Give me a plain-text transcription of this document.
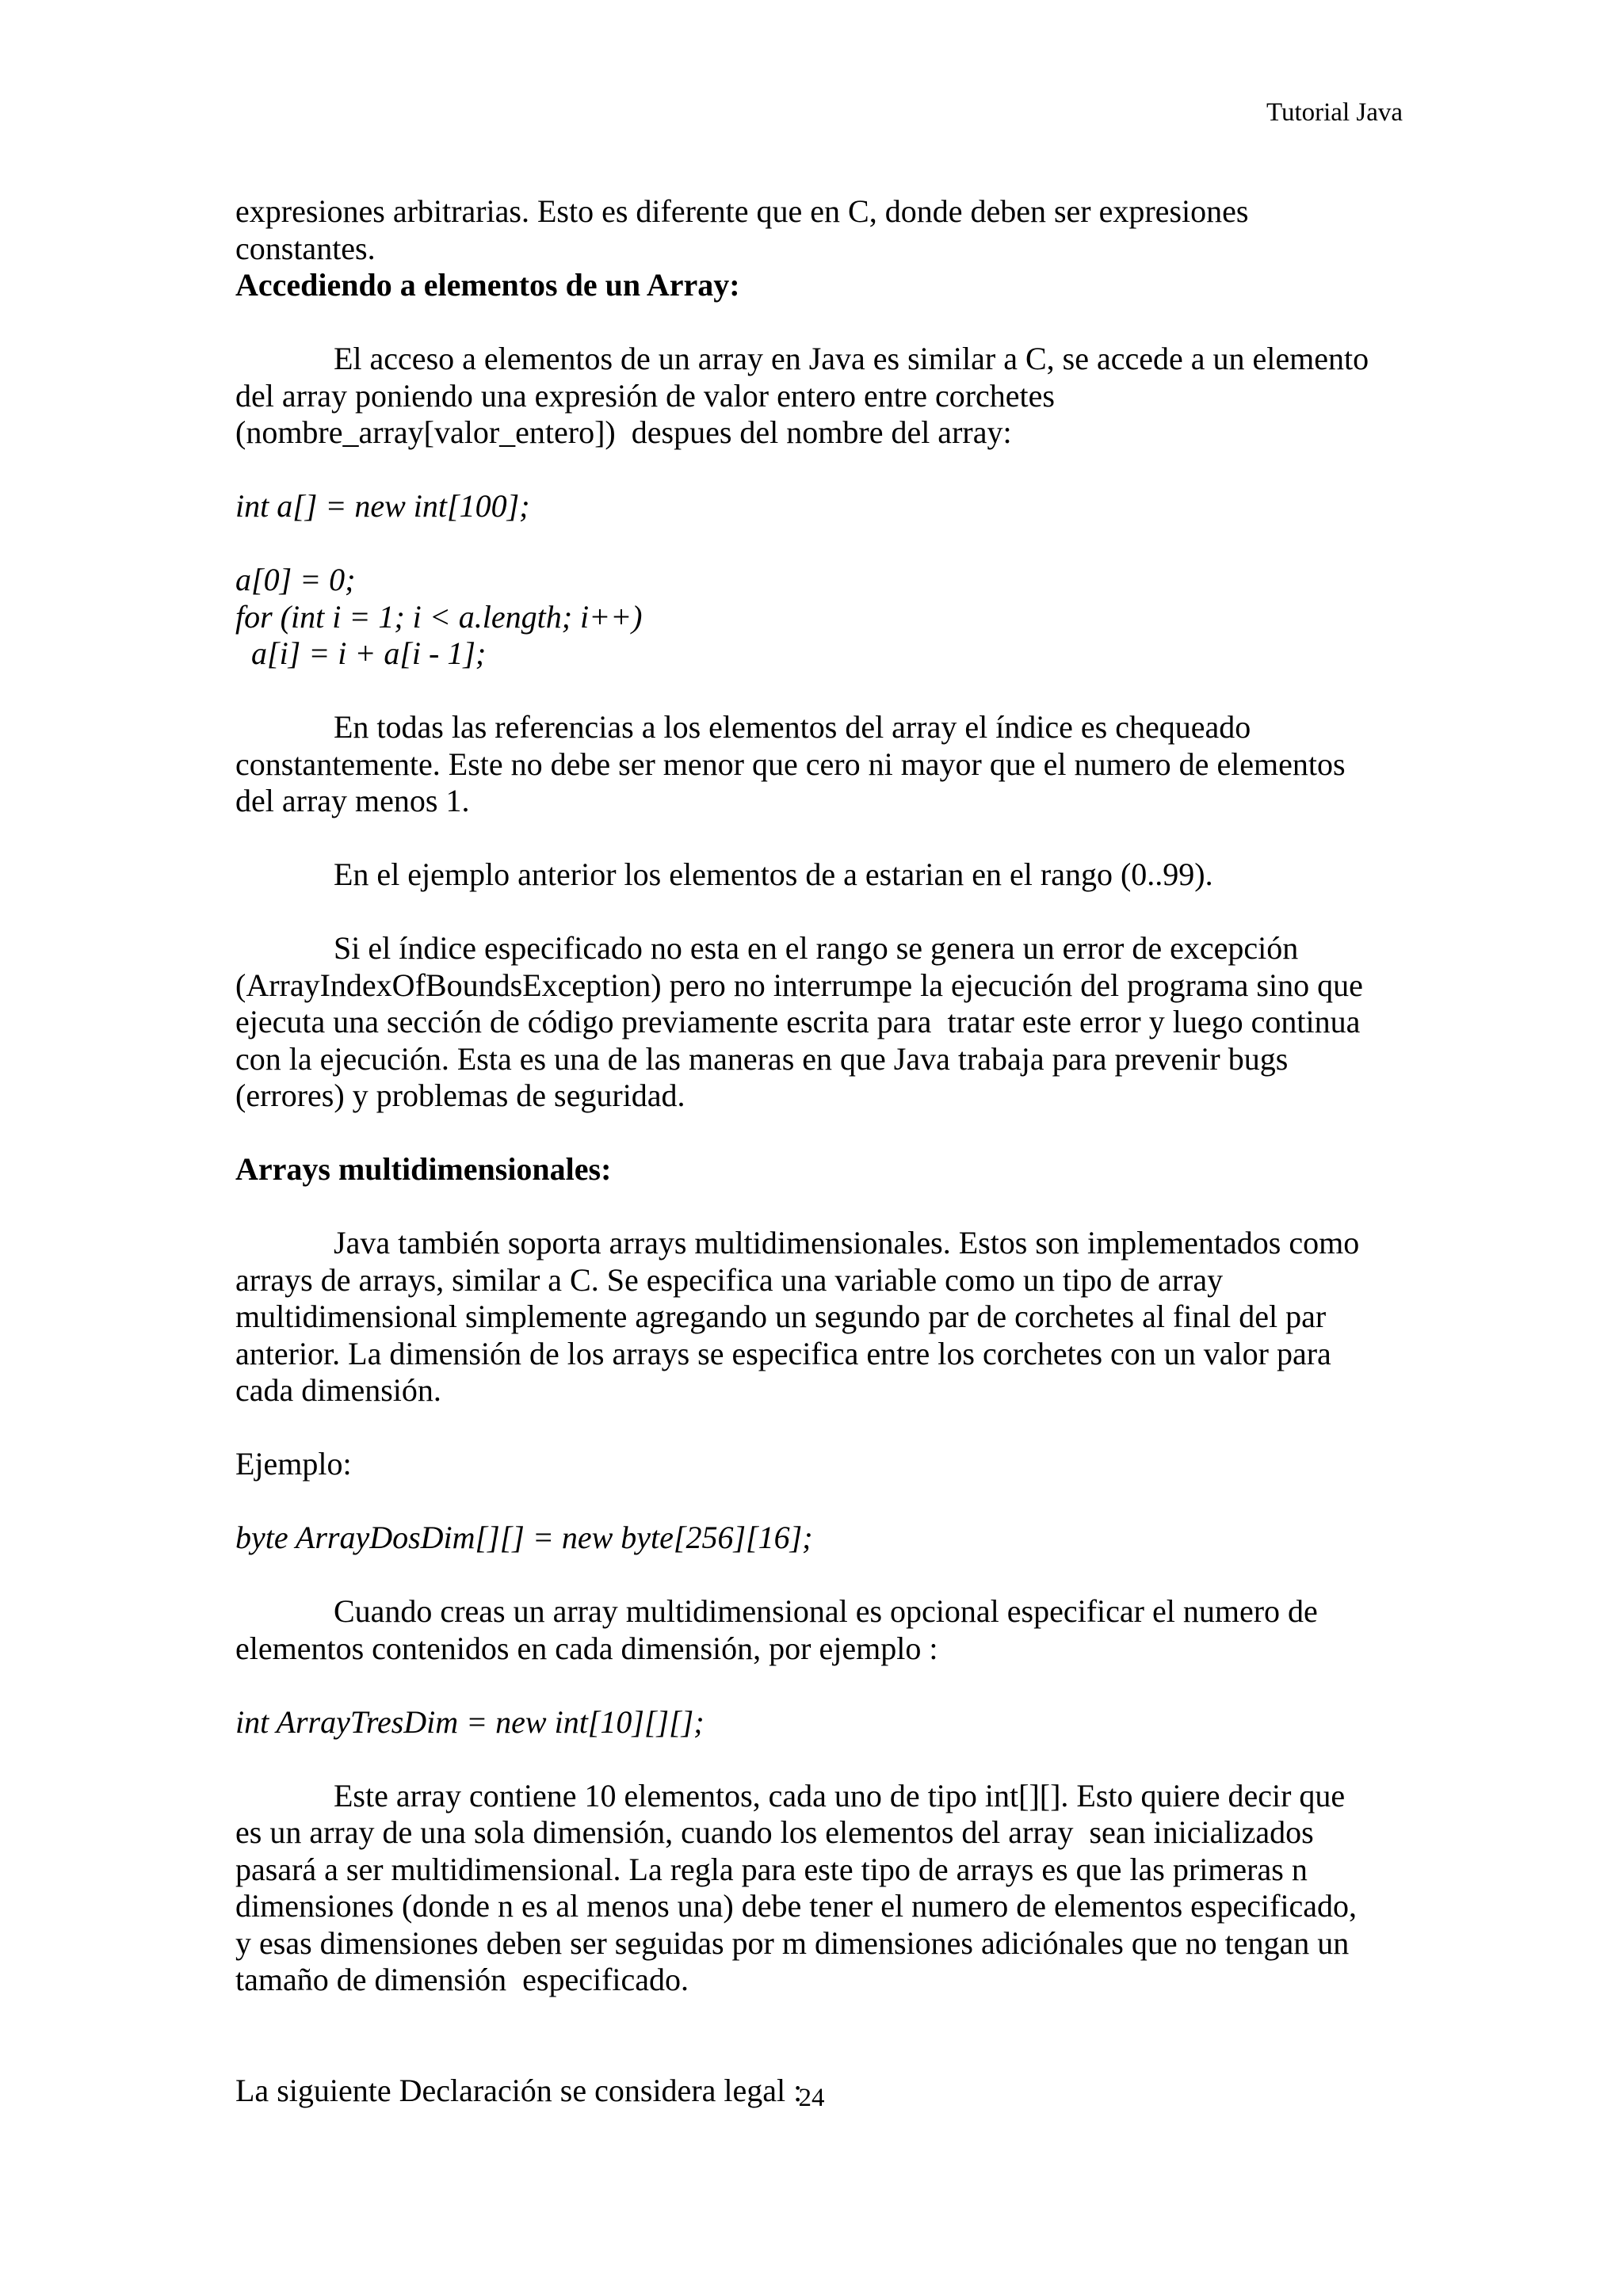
Tutorial Java

expresiones arbitrarias. Esto es diferente que en C, donde deben ser expresiones
constantes.

Accediendo a elementos de un Array:

El acceso a elementos de un array en Java es similar a C, se accede a un elemento
del array poniendo una expresión de valor entero entre corchetes
(nombre_array[valor_entero])  despues del nombre del array:

int a[] = new int[100];

a[0] = 0;
for (int i = 1; i < a.length; i++)
a[i] = i + a[i - 1];

En todas las referencias a los elementos del array el índice es chequeado
constantemente. Este no debe ser menor que cero ni mayor que el numero de elementos
del array menos 1.

En el ejemplo anterior los elementos de a estarian en el rango (0..99).

Si el índice especificado no esta en el rango se genera un error de excepción
(ArrayIndexOfBoundsException) pero no interrumpe la ejecución del programa sino que
ejecuta una sección de código previamente escrita para  tratar este error y luego continua
con la ejecución. Esta es una de las maneras en que Java trabaja para prevenir bugs
(errores) y problemas de seguridad.

Arrays multidimensionales:

Java también soporta arrays multidimensionales. Estos son implementados como
arrays de arrays, similar a C. Se especifica una variable como un tipo de array
multidimensional simplemente agregando un segundo par de corchetes al final del par
anterior. La dimensión de los arrays se especifica entre los corchetes con un valor para
cada dimensión.

Ejemplo:

byte ArrayDosDim[][] = new byte[256][16];

Cuando creas un array multidimensional es opcional especificar el numero de
elementos contenidos en cada dimensión, por ejemplo :

int ArrayTresDim = new int[10][][];

Este array contiene 10 elementos, cada uno de tipo int[][]. Esto quiere decir que
es un array de una sola dimensión, cuando los elementos del array  sean inicializados
pasará a ser multidimensional. La regla para este tipo de arrays es que las primeras n
dimensiones (donde n es al menos una) debe tener el numero de elementos especificado,
y esas dimensiones deben ser seguidas por m dimensiones adiciónales que no tengan un
tamaño de dimensión  especificado.

La siguiente Declaración se considera legal :

24
